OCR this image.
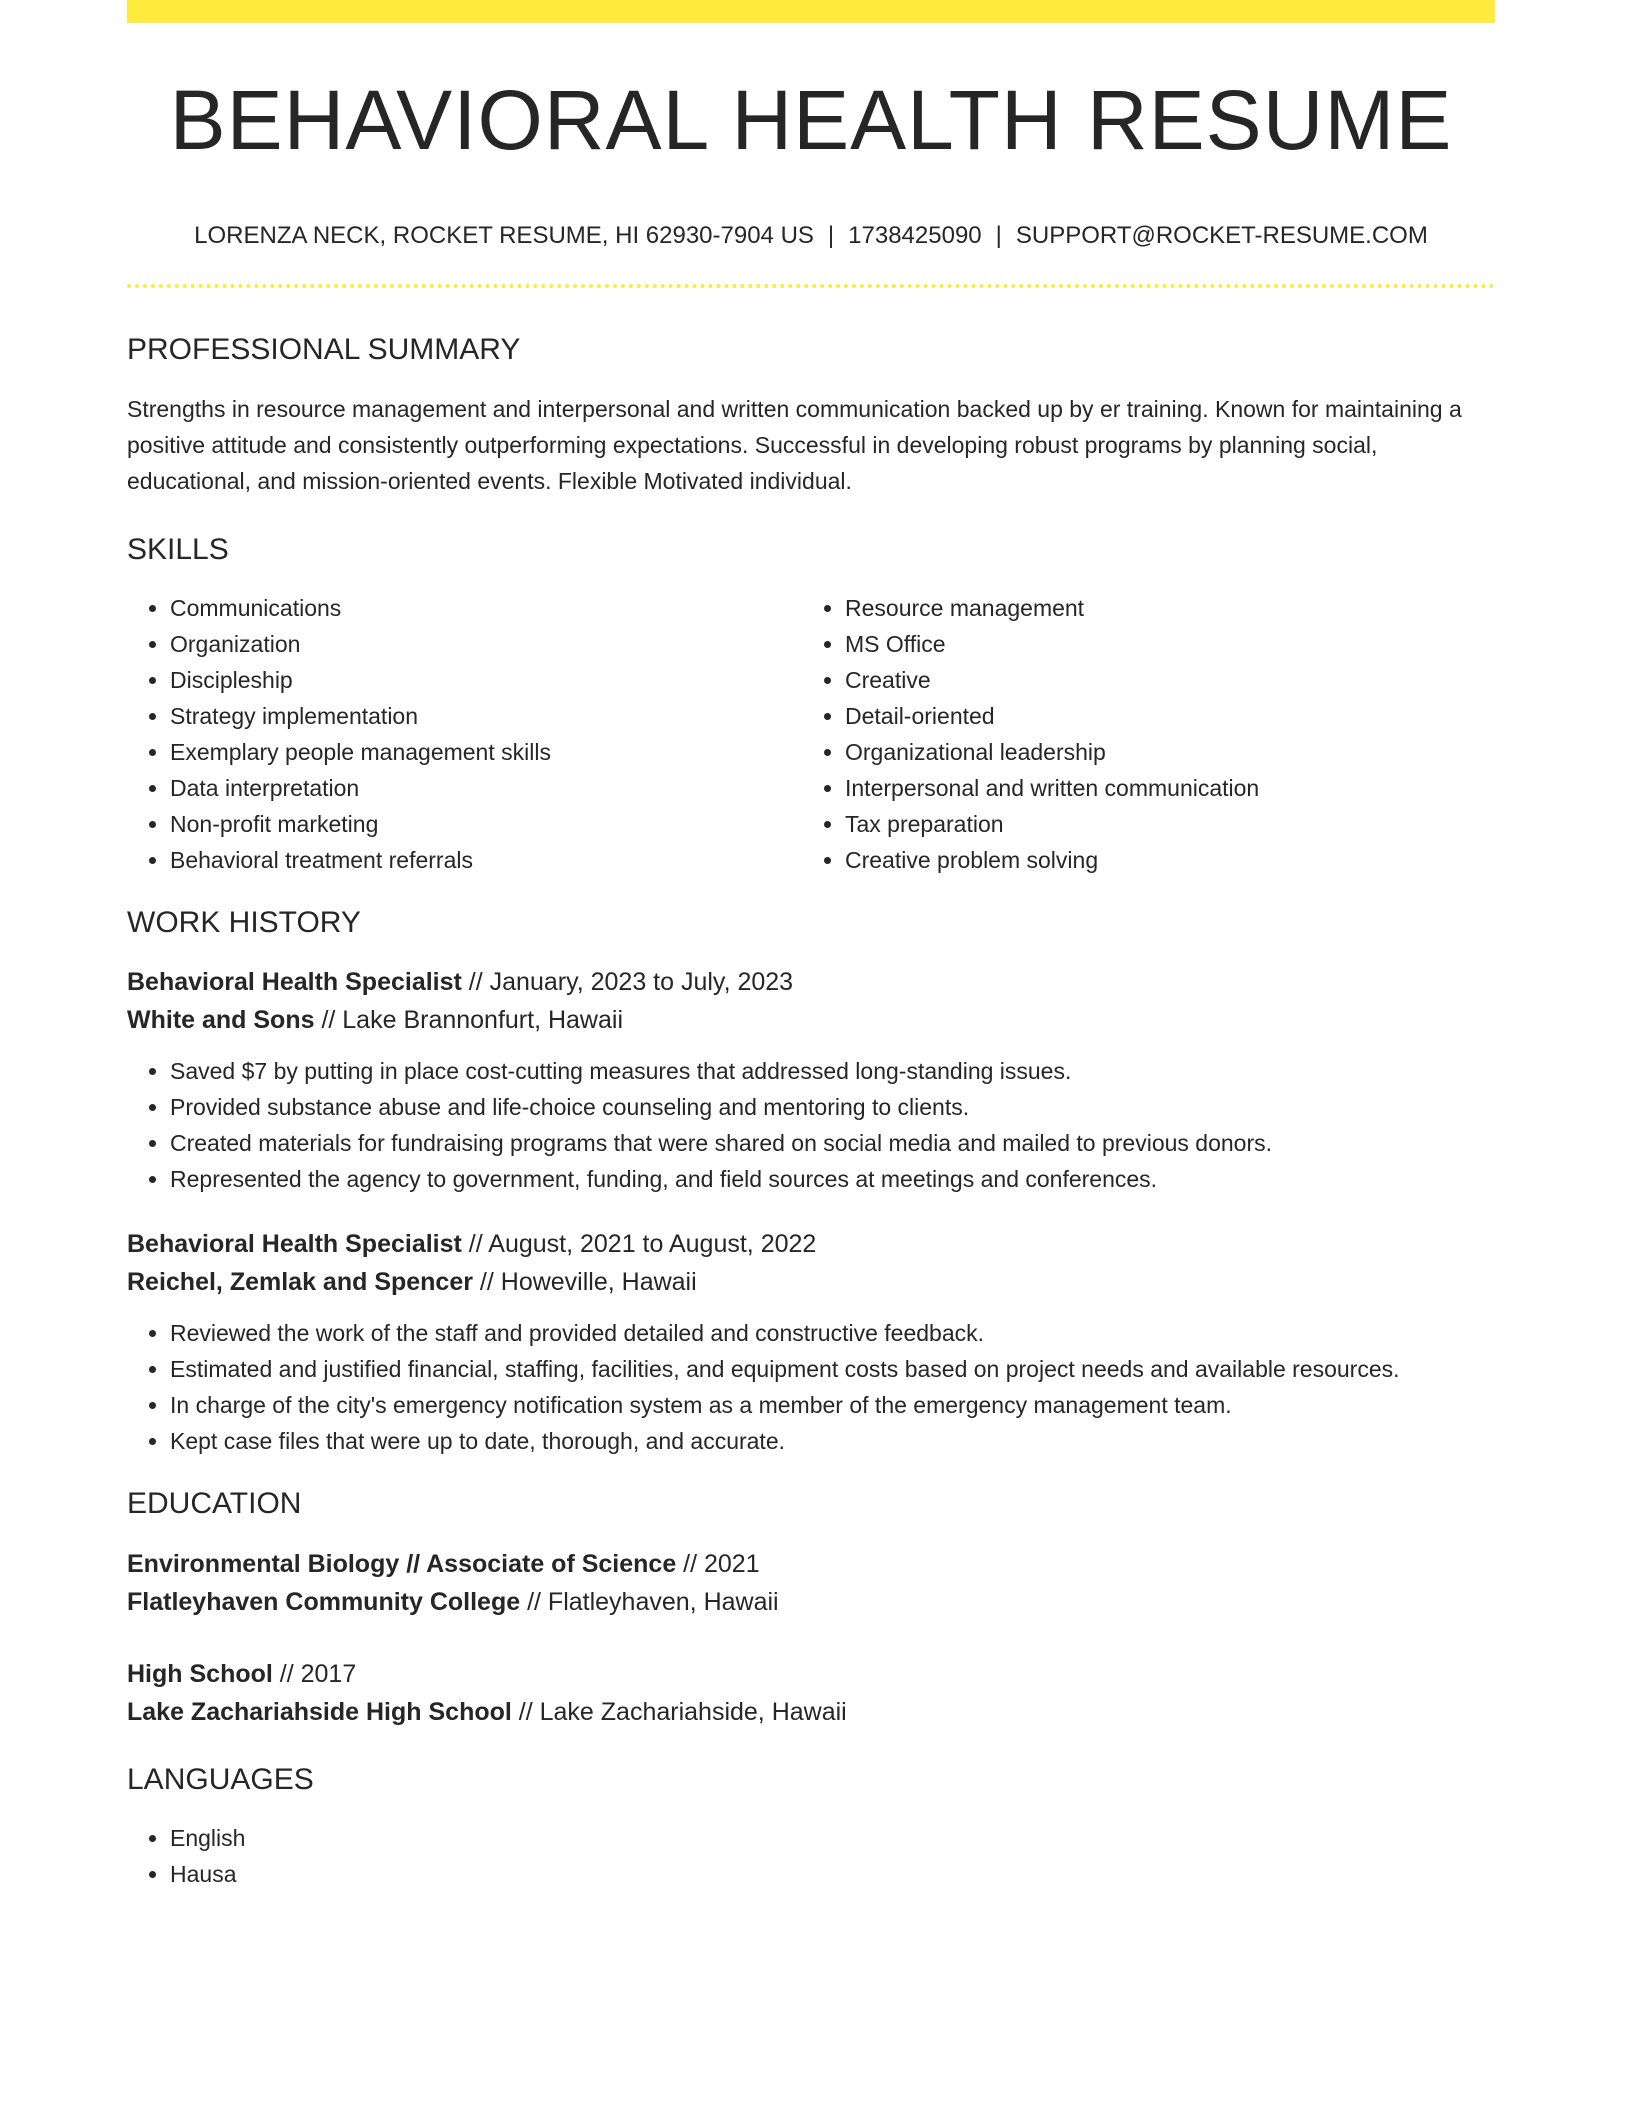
BEHAVIORAL HEALTH RESUME
LORENZA NECK, ROCKET RESUME, HI 62930-7904 US | 1738425090 | SUPPORT@ROCKET-RESUME.COM
PROFESSIONAL SUMMARY
Strengths in resource management and interpersonal and written communication backed up by er training. Known for maintaining a positive attitude and consistently outperforming expectations. Successful in developing robust programs by planning social, educational, and mission-oriented events. Flexible Motivated individual.
SKILLS
• Communications
• Organization
• Discipleship
• Strategy implementation
• Exemplary people management skills
• Data interpretation
• Non-profit marketing
• Behavioral treatment referrals
• Resource management
• MS Office
• Creative
• Detail-oriented
• Organizational leadership
• Interpersonal and written communication
• Tax preparation
• Creative problem solving
WORK HISTORY
Behavioral Health Specialist // January, 2023 to July, 2023
White and Sons // Lake Brannonfurt, Hawaii
• Saved $7 by putting in place cost-cutting measures that addressed long-standing issues.
• Provided substance abuse and life-choice counseling and mentoring to clients.
• Created materials for fundraising programs that were shared on social media and mailed to previous donors.
• Represented the agency to government, funding, and field sources at meetings and conferences.
Behavioral Health Specialist // August, 2021 to August, 2022
Reichel, Zemlak and Spencer // Howeville, Hawaii
• Reviewed the work of the staff and provided detailed and constructive feedback.
• Estimated and justified financial, staffing, facilities, and equipment costs based on project needs and available resources.
• In charge of the city's emergency notification system as a member of the emergency management team.
• Kept case files that were up to date, thorough, and accurate.
EDUCATION
Environmental Biology // Associate of Science // 2021
Flatleyhaven Community College // Flatleyhaven, Hawaii
High School // 2017
Lake Zachariahside High School // Lake Zachariahside, Hawaii
LANGUAGES
• English
• Hausa
